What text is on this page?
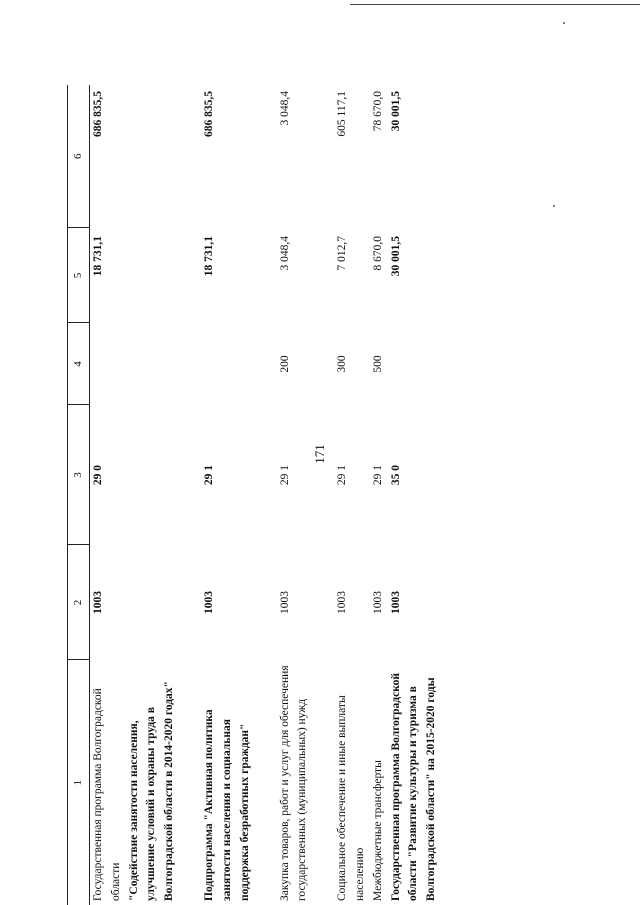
171
1	2	3	4	5	6
Государственная программа Волгоградской области "Содействие занятости населения, улучшение условий и охраны труда в Волгоградской области в 2014-2020 годах"	1003	29 0		18 731,1	686 835,5

Подпрограмма "Активная политика занятости населения и социальная поддержка безработных граждан"	1003	29 1		18 731,1	686 835,5

Закупка товаров, работ и услуг для обеспечения государственных (муниципальных) нужд	1003	29 1	200	3 048,4	3 048,4

Социальное обеспечение и иные выплаты населению	1003	29 1	300	7 012,7	605 117,1
Межбюджетные трансферты	1003	29 1	500	8 670,0	78 670,0
Государственная программа Волгоградской области "Развитие культуры и туризма в Волгоградской области" на 2015-2020 годы	1003	35 0		30 001,5	30 001,5
